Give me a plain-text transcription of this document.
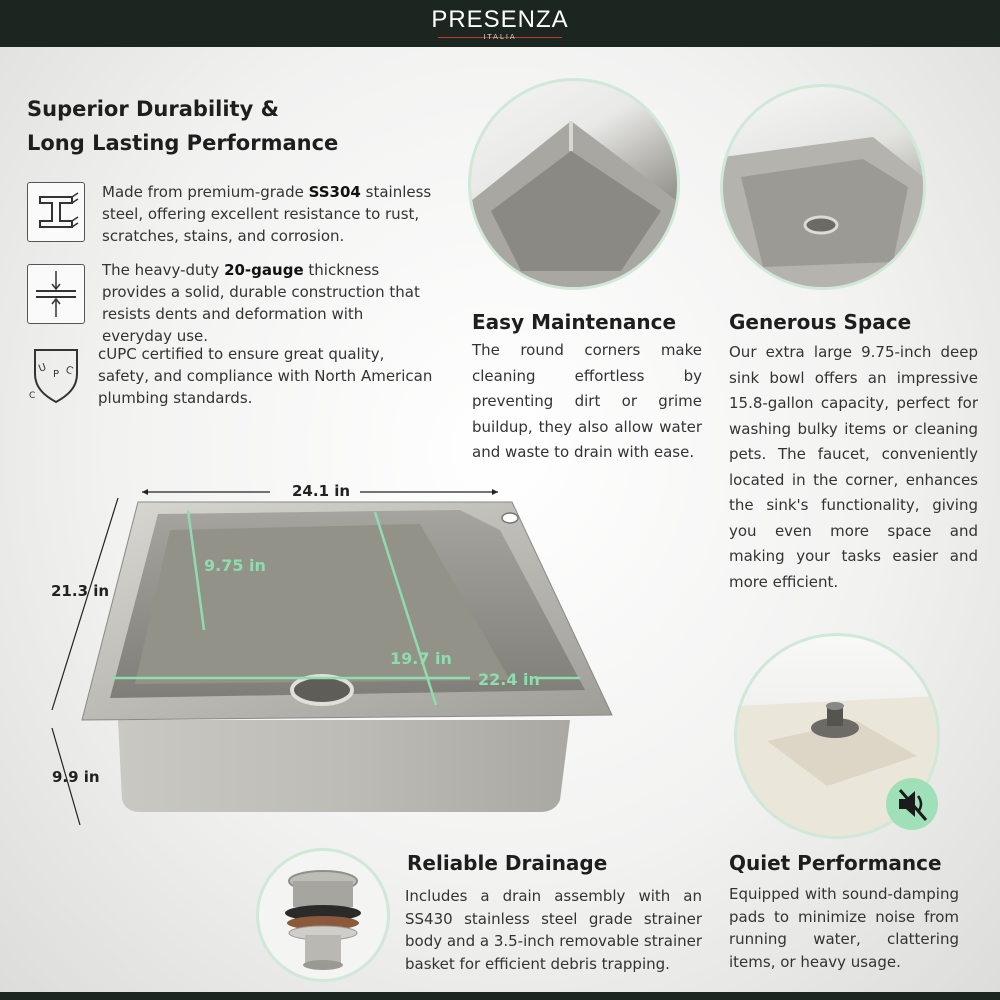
PRESENZA
ITALIA
Superior Durability &
Long Lasting Performance
Made from premium-grade SS304 stainless steel, offering excellent resistance to rust, scratches, stains, and corrosion.
The heavy-duty 20-gauge thickness provides a solid, durable construction that resists dents and deformation with everyday use.
U P C
C
cUPC certified to ensure great quality, safety, and compliance with North American plumbing standards.
Easy Maintenance
The round corners make cleaning effortless by preventing dirt or grime buildup, they also allow water and waste to drain with ease.
Generous Space
Our extra large 9.75-inch deep sink bowl offers an impressive 15.8-gallon capacity, perfect for washing bulky items or cleaning pets. The faucet, conveniently located in the corner, enhances the sink's functionality, giving you even more space and making your tasks easier and more efficient.
24.1 in
21.3 in
9.9 in
9.75 in
19.7 in
22.4 in
Reliable Drainage
Includes a drain assembly with an SS430 stainless steel grade strainer body and a 3.5-inch removable strainer basket for efficient debris trapping.
Quiet Performance
Equipped with sound-damping pads to minimize noise from running water, clattering items, or heavy usage.
